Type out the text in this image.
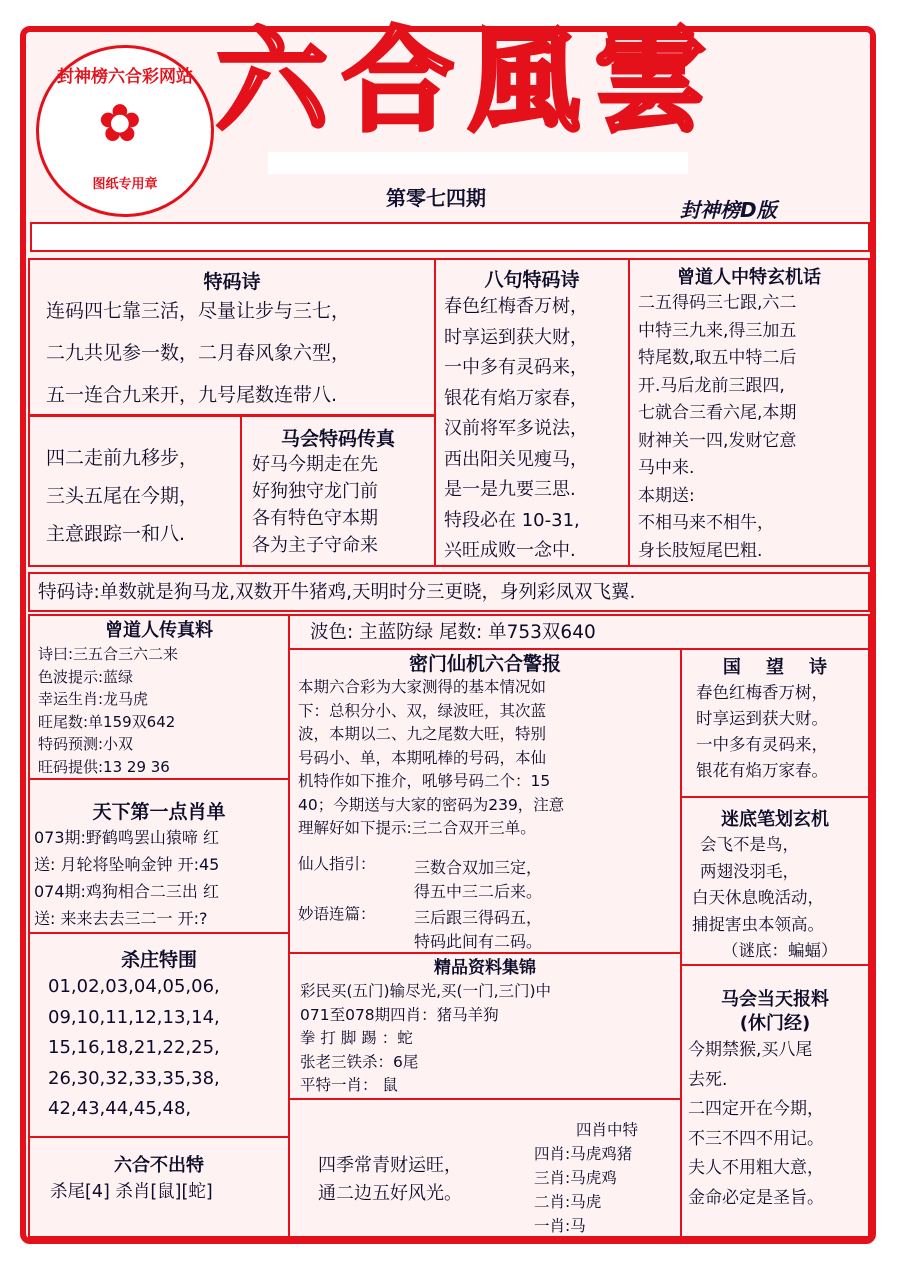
封神榜六合彩网站
✿
图纸专用章
六合風雲
第零七四期	封神榜D版
特码诗
连码四七靠三活，尽量让步与三七，
二九共见参一数，二月春风象六型，
五一连合九来开，九号尾数连带八.
四二走前九移步，
三头五尾在今期，
主意跟踪一和八.
马会特码传真
好马今期走在先
好狗独守龙门前
各有特色守本期
各为主子守命来
八句特码诗
春色红梅香万树，
时享运到获大财，
一中多有灵码来，
银花有焰万家春，
汉前将军多说法，
西出阳关见瘦马，
是一是九要三思.
特段必在 10-31,
兴旺成败一念中.
曾道人中特玄机话
二五得码三七跟,六二
中特三九来,得三加五
特尾数,取五中特二后
开.马后龙前三跟四,
七就合三看六尾,本期
财神关一四,发财它意
马中来.
本期送:
不相马来不相牛，
身长肢短尾巴粗.
特码诗:单数就是狗马龙,双数开牛猪鸡,天明时分三更晓，身列彩凤双飞翼.
曾道人传真料
诗曰:三五合三六二来
色波提示:蓝绿
幸运生肖:龙马虎
旺尾数:单159双642
特码预测:小双
旺码提供:13 29 36
波色: 主蓝防绿 尾数: 单753双640
密门仙机六合警报
本期六合彩为大家测得的基本情况如
下：总积分小、双，绿波旺，其次蓝
波，本期以二、九之尾数大旺，特别
号码小、单，本期吼棒的号码，本仙
机特作如下推介，吼够号码二个：15
40；今期送与大家的密码为239，注意
理解好如下提示:三二合双开三单。
仙人指引： 三数合双加三定，
得五中三二后来。
妙语连篇： 三后跟三得码五，
特码此间有二码。
国    望    诗
春色红梅香万树，
时享运到获大财。
一中多有灵码来，
银花有焰万家春。
天下第一点肖单
073期:野鹤鸣罢山猿啼 红
送: 月轮将坠响金钟 开:45
074期:鸡狗相合二三出 红
送: 来来去去三二一 开:?
迷底笔划玄机
会飞不是鸟，
两翅没羽毛，
白天休息晚活动，
捕捉害虫本领高。
（谜底：蝙蝠）
杀庄特围
01,02,03,04,05,06,
09,10,11,12,13,14,
15,16,18,21,22,25,
26,30,32,33,35,38,
42,43,44,45,48,
精品资料集锦
彩民买(五门)输尽光,买(一门,三门)中
071至078期四肖：猪马羊狗
拳 打 脚 踢 ：蛇
张老三铁杀：6尾
平特一肖： 鼠
马会当天报料
(休门经)
今期禁猴,买八尾
去死.
二四定开在今期，
不三不四不用记。
夫人不用粗大意，
金命必定是圣旨。
六合不出特
杀尾[4] 杀肖[鼠][蛇]
四季常青财运旺，
通二边五好风光。
四肖中特
四肖:马虎鸡猪
三肖:马虎鸡
二肖:马虎
一肖:马
